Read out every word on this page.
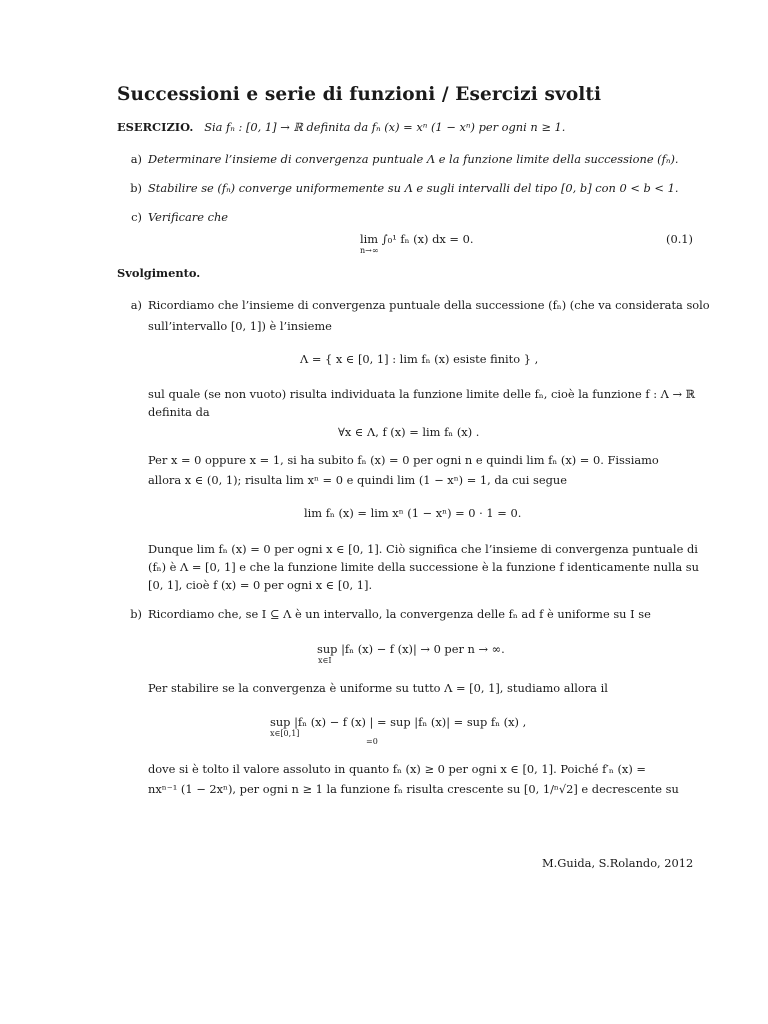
Successioni e serie di funzioni / Esercizi svolti
ESERCIZIO. Sia fₙ : [0, 1] → ℝ definita da fₙ (x) = xⁿ (1 − xⁿ) per ogni n ≥ 1.
a) Determinare l’insieme di convergenza puntuale Λ e la funzione limite della successione (fₙ).
b) Stabilire se (fₙ) converge uniformemente su Λ e sugli intervalli del tipo [0, b] con 0 < b < 1.
c) Verificare che
lim ∫₀¹ fₙ (x) dx = 0.
n→∞
(0.1)
Svolgimento.
a) Ricordiamo che l’insieme di convergenza puntuale della successione (fₙ) (che va considerata solo
sull’intervallo [0, 1]) è l’insieme
Λ = { x ∈ [0, 1] : lim fₙ (x) esiste finito } ,
sul quale (se non vuoto) risulta individuata la funzione limite delle fₙ, cioè la funzione f : Λ → ℝ
definita da
∀x ∈ Λ, f (x) = lim fₙ (x) .
Per x = 0 oppure x = 1, si ha subito fₙ (x) = 0 per ogni n e quindi lim fₙ (x) = 0. Fissiamo
allora x ∈ (0, 1); risulta lim xⁿ = 0 e quindi lim (1 − xⁿ) = 1, da cui segue
lim fₙ (x) = lim xⁿ (1 − xⁿ) = 0 · 1 = 0.
Dunque lim fₙ (x) = 0 per ogni x ∈ [0, 1]. Ciò significa che l’insieme di convergenza puntuale di
(fₙ) è Λ = [0, 1] e che la funzione limite della successione è la funzione f identicamente nulla su
[0, 1], cioè f (x) = 0 per ogni x ∈ [0, 1].
b) Ricordiamo che, se I ⊆ Λ è un intervallo, la convergenza delle fₙ ad f è uniforme su I se
sup |fₙ (x) − f (x)| → 0 per n → ∞.
x∈I
Per stabilire se la convergenza è uniforme su tutto Λ = [0, 1], studiamo allora il
sup |fₙ (x) − f (x) | = sup |fₙ (x)| = sup fₙ (x) ,
x∈[0,1]
=0
dove si è tolto il valore assoluto in quanto fₙ (x) ≥ 0 per ogni x ∈ [0, 1]. Poiché f′ₙ (x) =
nxⁿ⁻¹ (1 − 2xⁿ), per ogni n ≥ 1 la funzione fₙ risulta crescente su [0, 1/ⁿ√2] e decrescente su
M.Guida, S.Rolando, 2012
